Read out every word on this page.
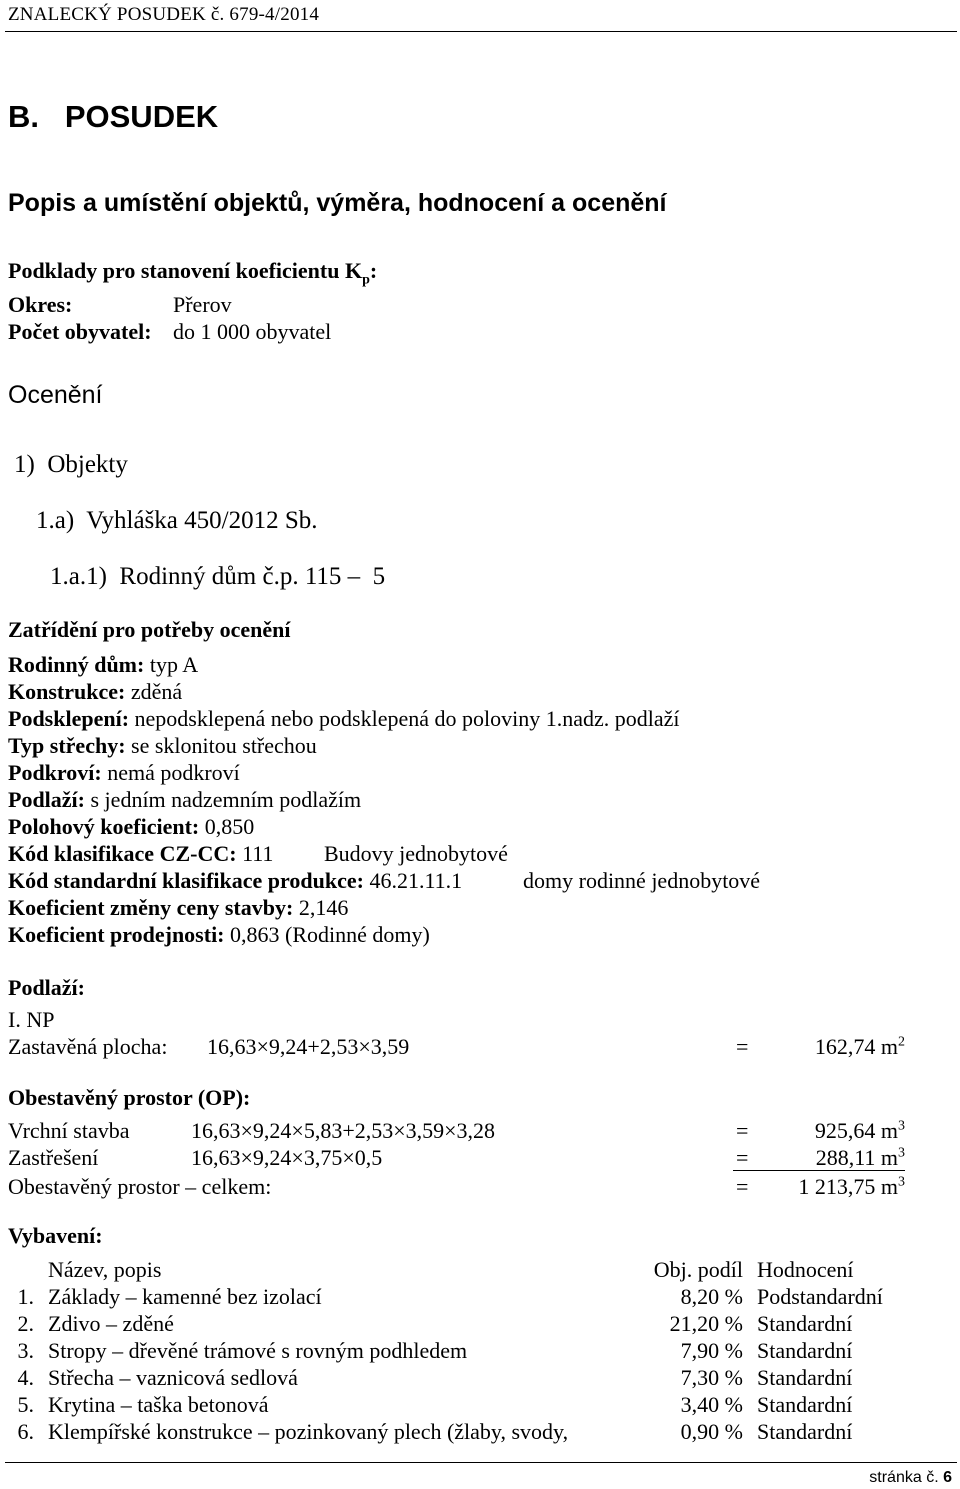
ZNALECKÝ POSUDEK č. 679-4/2014
B.   POSUDEK
Popis a umístění objektů, výměra, hodnocení a ocenění
Podklady pro stanovení koeficientu $K_p$:
Okres:	Přerov
Počet obyvatel: do 1 000 obyvatel
Ocenění
1)  Objekty
1.a)  Vyhláška 450/2012 Sb.
1.a.1)  Rodinný dům č.p. 115 –  5
Zatřídění pro potřeby ocenění
Rodinný dům: typ A
Konstrukce: zděná
Podsklepení: nepodsklepená nebo podsklepená do poloviny 1.nadz. podlaží
Typ střechy: se sklonitou střechou
Podkroví: nemá podkroví
Podlaží: s jedním nadzemním podlažím
Polohový koeficient: 0,850
Kód klasifikace CZ-CC: 111 Budovy jednobytové
Kód standardní klasifikace produkce: 46.21.11.1	domy rodinné jednobytové
Koeficient změny ceny stavby: 2,146
Koeficient prodejnosti: 0,863 (Rodinné domy)
Podlaží:
I. NP
Zastavěná plocha: 16,63×9,24+2,53×3,59	=	162,74 $m^2$
Obestavěný prostor (OP):
Vrchní stavba	16,63×9,24×5,83+2,53×3,59×3,28	=	925,64 $m^3$
Zastřešení	16,63×9,24×3,75×0,5	=	288,11 $m^3$
Obestavěný prostor – celkem:	= 1 213,75 $m^3$
Vybavení:
Název, popis	Obj. podíl Hodnocení
1. Základy – kamenné bez izolací	8,20 % Podstandardní
2. Zdivo – zděné	21,20 % Standardní
3. Stropy – dřevěné trámové s rovným podhledem	7,90 % Standardní
4. Střecha – vaznicová sedlová	7,30 % Standardní
5. Krytina – taška betonová	3,40 % Standardní
6. Klempířské konstrukce – pozinkovaný plech (žlaby, svody,	0,90 % Standardní
stránka č. 6
